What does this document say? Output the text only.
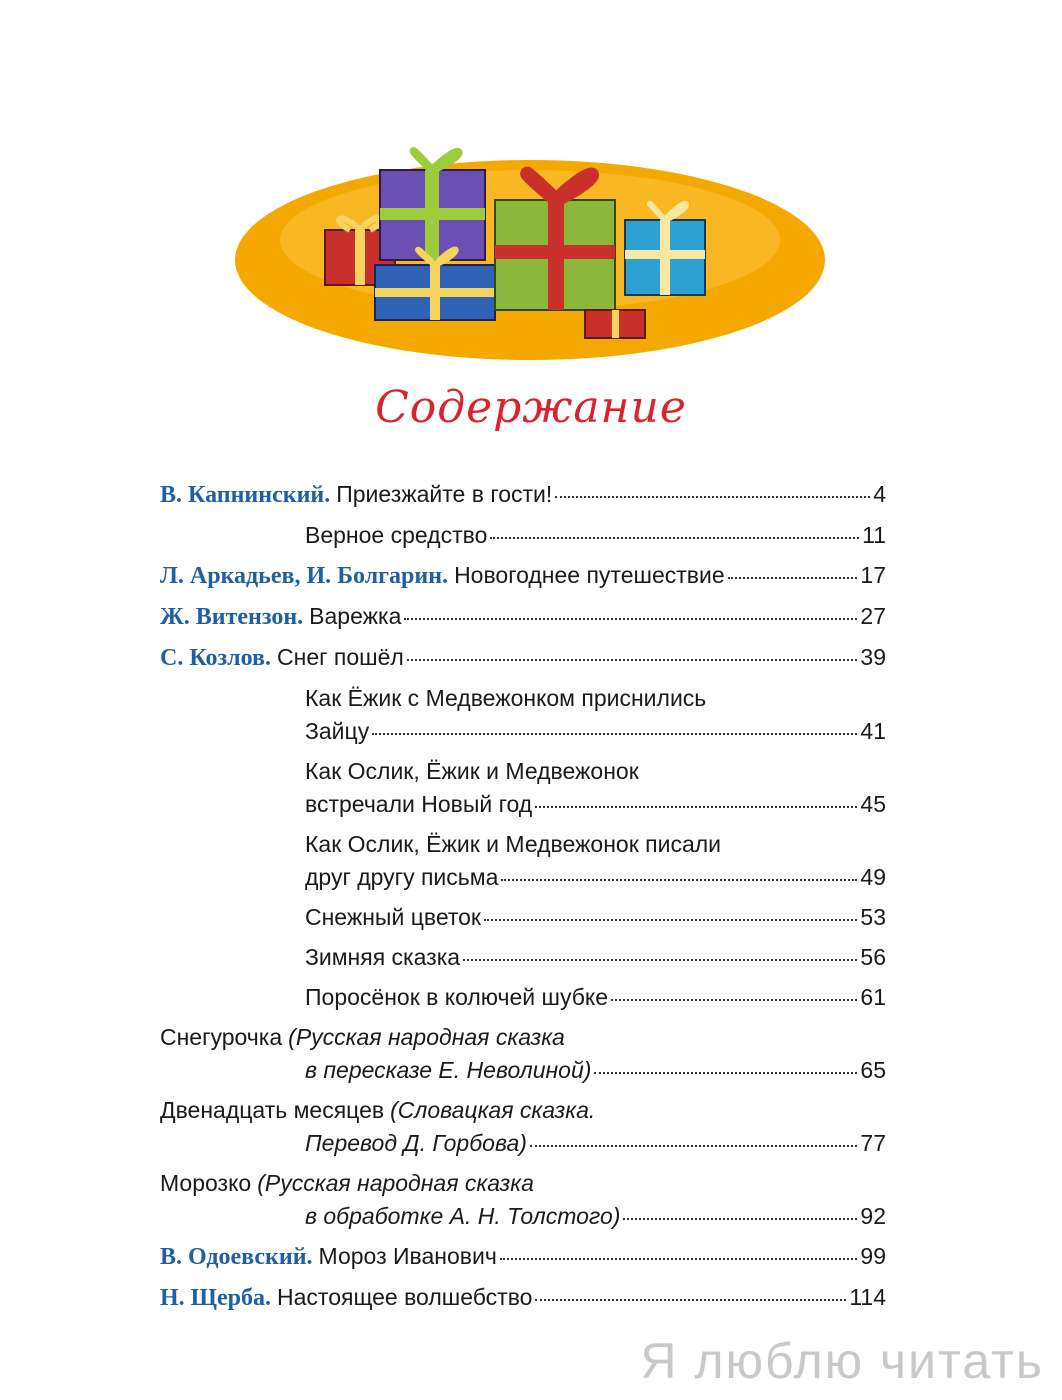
Содержание
В. Капнинский. Приезжайте в гости!	4
Верное средство	11
Л. Аркадьев, И. Болгарин. Новогоднее путешествие	17
Ж. Витензон. Варежка	27
С. Козлов. Снег пошёл	39
Как Ёжик с Медвежонком приснились
Зайцу	41
Как Ослик, Ёжик и Медвежонок
встречали Новый год	45
Как Ослик, Ёжик и Медвежонок писали
друг другу письма	49
Снежный цветок	53
Зимняя сказка	56
Поросёнок в колючей шубке	61
Снегурочка (Русская народная сказка
в пересказе Е. Неволиной)	65
Двенадцать месяцев (Словацкая сказка.
Перевод Д. Горбова)	77
Морозко (Русская народная сказка
в обработке А. Н. Толстого)	92
В. Одоевский. Мороз Иванович	99
Н. Щерба. Настоящее волшебство	114
Я люблю читать
